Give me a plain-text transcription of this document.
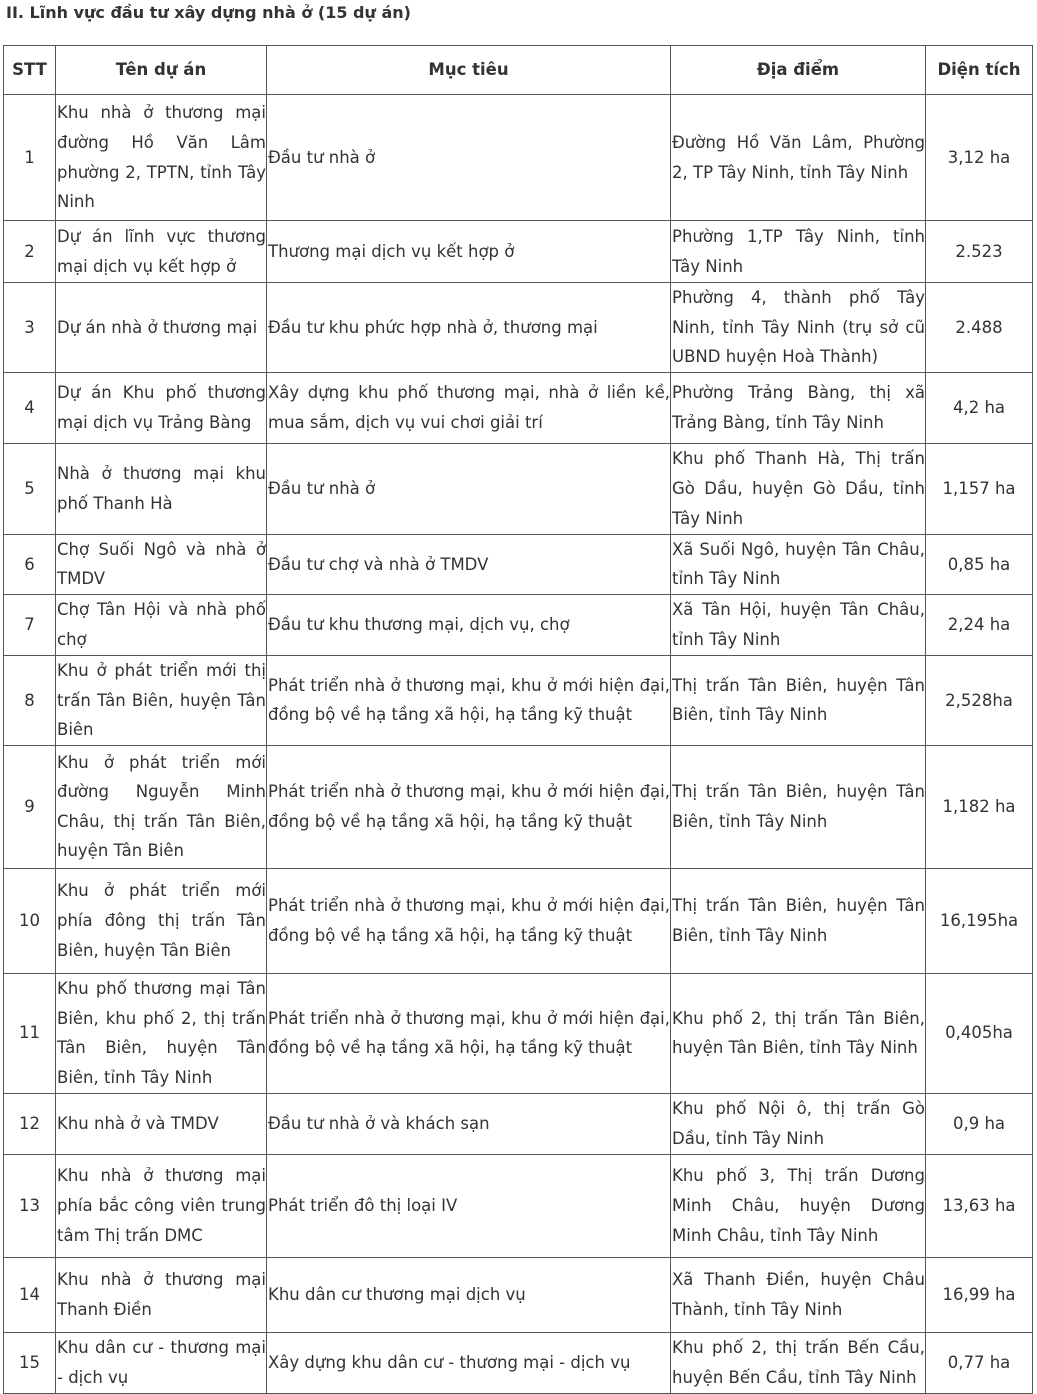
II. Lĩnh vực đầu tư xây dựng nhà ở (15 dự án)
STT	Tên dự án	Mục tiêu	Địa điểm	Diện tích
1	Khu nhà ở thương mại đường Hồ Văn Lâm phường 2, TPTN, tỉnh Tây Ninh	Đầu tư nhà ở	Đường Hồ Văn Lâm, Phường 2, TP Tây Ninh, tỉnh Tây Ninh	3,12 ha
2	Dự án lĩnh vực thương mại dịch vụ kết hợp ở	Thương mại dịch vụ kết hợp ở	Phường 1,TP Tây Ninh, tỉnh Tây Ninh	2.523
3	Dự án nhà ở thương mại	Đầu tư khu phức hợp nhà ở, thương mại	Phường 4, thành phố Tây Ninh, tỉnh Tây Ninh (trụ sở cũ UBND huyện Hoà Thành)	2.488
4	Dự án Khu phố thương mại dịch vụ Trảng Bàng	Xây dựng khu phố thương mại, nhà ở liền kề, mua sắm, dịch vụ vui chơi giải trí	Phường Trảng Bàng, thị xã Trảng Bàng, tỉnh Tây Ninh	4,2 ha
5	Nhà ở thương mại khu phố Thanh Hà	Đầu tư nhà ở	Khu phố Thanh Hà, Thị trấn Gò Dầu, huyện Gò Dầu, tỉnh Tây Ninh	1,157 ha
6	Chợ Suối Ngô và nhà ở TMDV	Đầu tư chợ và nhà ở TMDV	Xã Suối Ngô, huyện Tân Châu, tỉnh Tây Ninh	0,85 ha
7	Chợ Tân Hội và nhà phố chợ	Đầu tư khu thương mại, dịch vụ, chợ	Xã Tân Hội, huyện Tân Châu, tỉnh Tây Ninh	2,24 ha
8	Khu ở phát triển mới thị trấn Tân Biên, huyện Tân Biên	Phát triển nhà ở thương mại, khu ở mới hiện đại, đồng bộ về hạ tầng xã hội, hạ tầng kỹ thuật	Thị trấn Tân Biên, huyện Tân Biên, tỉnh Tây Ninh	2,528ha
9	Khu ở phát triển mới đường Nguyễn Minh Châu, thị trấn Tân Biên, huyện Tân Biên	Phát triển nhà ở thương mại, khu ở mới hiện đại, đồng bộ về hạ tầng xã hội, hạ tầng kỹ thuật	Thị trấn Tân Biên, huyện Tân Biên, tỉnh Tây Ninh	1,182 ha
10	Khu ở phát triển mới phía đông thị trấn Tân Biên, huyện Tân Biên	Phát triển nhà ở thương mại, khu ở mới hiện đại, đồng bộ về hạ tầng xã hội, hạ tầng kỹ thuật	Thị trấn Tân Biên, huyện Tân Biên, tỉnh Tây Ninh	16,195ha
11	Khu phố thương mại Tân Biên, khu phố 2, thị trấn Tân Biên, huyện Tân Biên, tỉnh Tây Ninh	Phát triển nhà ở thương mại, khu ở mới hiện đại, đồng bộ về hạ tầng xã hội, hạ tầng kỹ thuật	Khu phố 2, thị trấn Tân Biên, huyện Tân Biên, tỉnh Tây Ninh	0,405ha
12	Khu nhà ở và TMDV	Đầu tư nhà ở và khách sạn	Khu phố Nội ô, thị trấn Gò Dầu, tỉnh Tây Ninh	0,9 ha
13	Khu nhà ở thương mại phía bắc công viên trung tâm Thị trấn DMC	Phát triển đô thị loại IV	Khu phố 3, Thị trấn Dương Minh Châu, huyện Dương Minh Châu, tỉnh Tây Ninh	13,63 ha
14	Khu nhà ở thương mại Thanh Điền	Khu dân cư thương mại dịch vụ	Xã Thanh Điền, huyện Châu Thành, tỉnh Tây Ninh	16,99 ha
15	Khu dân cư - thương mại - dịch vụ	Xây dựng khu dân cư - thương mại - dịch vụ	Khu phố 2, thị trấn Bến Cầu, huyện Bến Cầu, tỉnh Tây Ninh	0,77 ha
